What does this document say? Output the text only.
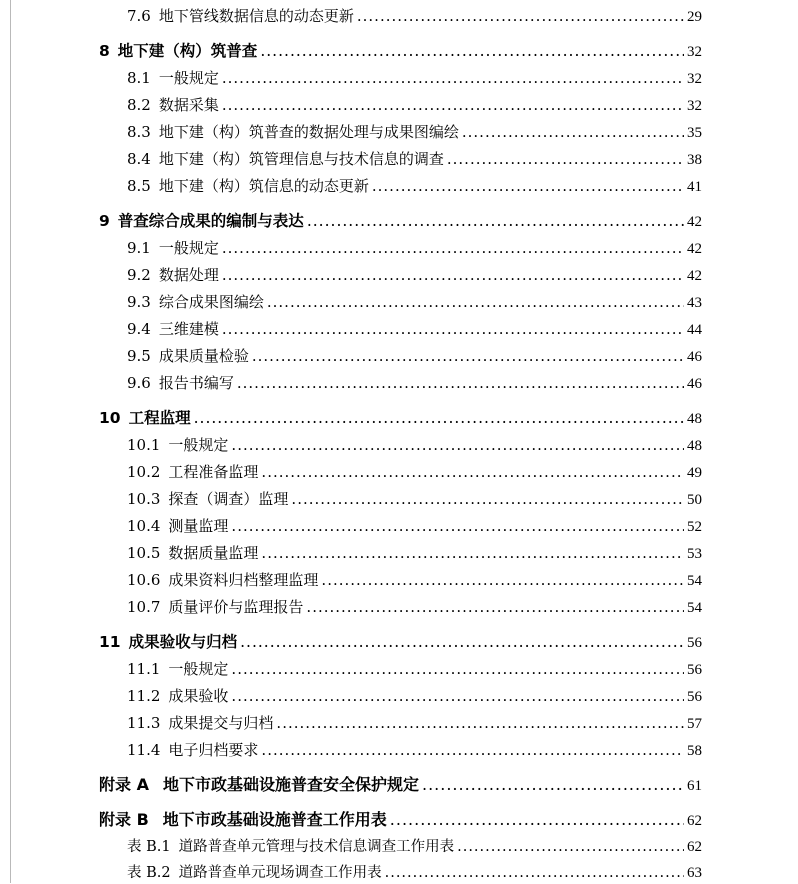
7.6 地下管线数据信息的动态更新 .....	29
8 地下建（构）筑普查 .....	32
8.1 一般规定 .....	32
8.2 数据采集 .....	32
8.3 地下建（构）筑普查的数据处理与成果图编绘 .....	35
8.4 地下建（构）筑管理信息与技术信息的调查 .....	38
8.5 地下建（构）筑信息的动态更新 .....	41
9 普查综合成果的编制与表达 .....	42
9.1 一般规定 .....	42
9.2 数据处理 .....	42
9.3 综合成果图编绘 .....	43
9.4 三维建模 .....	44
9.5 成果质量检验 .....	46
9.6 报告书编写 .....	46
10 工程监理 .....	48
10.1 一般规定 .....	48
10.2 工程准备监理 .....	49
10.3 探查（调查）监理 .....	50
10.4 测量监理 .....	52
10.5 数据质量监理 .....	53
10.6 成果资料归档整理监理 .....	54
10.7 质量评价与监理报告 .....	54
11 成果验收与归档 .....	56
11.1 一般规定 .....	56
11.2 成果验收 .....	56
11.3 成果提交与归档 .....	57
11.4 电子归档要求 .....	58
附录 A 地下市政基础设施普查安全保护规定 .....	61
附录 B 地下市政基础设施普查工作用表 .....	62
表 B.1 道路普查单元管理与技术信息调查工作用表 .....	62
表 B.2 道路普查单元现场调查工作用表 .....	63
